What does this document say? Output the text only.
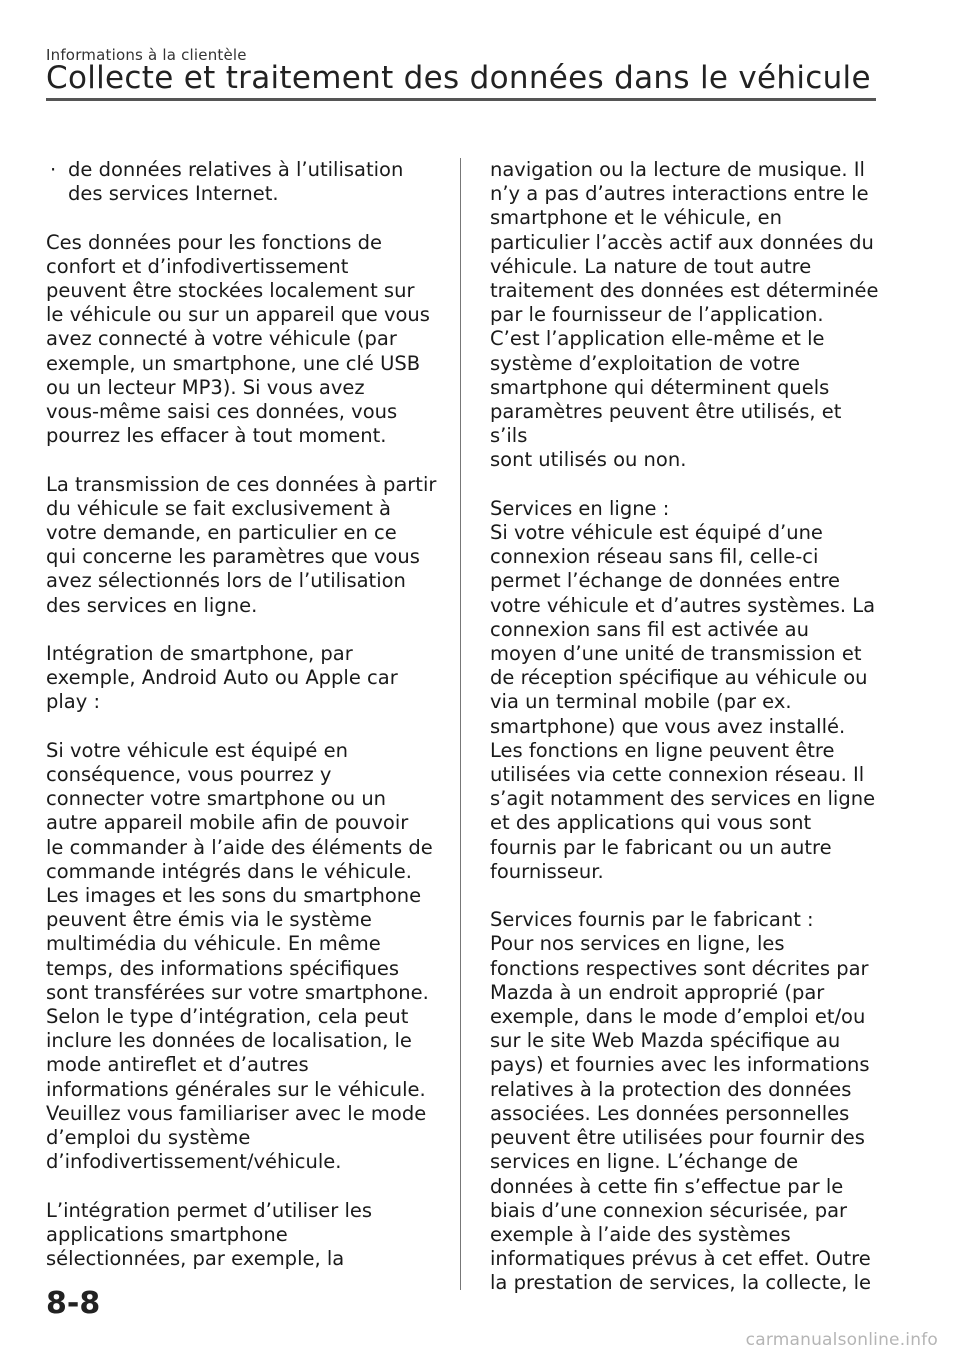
Informations à la clientèle
Collecte et traitement des données dans le véhicule
· de données relatives à l’utilisation
des services Internet.

Ces données pour les fonctions de
confort et d’infodivertissement
peuvent être stockées localement sur
le véhicule ou sur un appareil que vous
avez connecté à votre véhicule (par
exemple, un smartphone, une clé USB
ou un lecteur MP3). Si vous avez
vous-même saisi ces données, vous
pourrez les effacer à tout moment.

La transmission de ces données à partir
du véhicule se fait exclusivement à
votre demande, en particulier en ce
qui concerne les paramètres que vous
avez sélectionnés lors de l’utilisation
des services en ligne.

Intégration de smartphone, par
exemple, Android Auto ou Apple car
play :

Si votre véhicule est équipé en
conséquence, vous pourrez y
connecter votre smartphone ou un
autre appareil mobile afin de pouvoir
le commander à l’aide des éléments de
commande intégrés dans le véhicule.
Les images et les sons du smartphone
peuvent être émis via le système
multimédia du véhicule. En même
temps, des informations spécifiques
sont transférées sur votre smartphone.
Selon le type d’intégration, cela peut
inclure les données de localisation, le
mode antireflet et d’autres
informations générales sur le véhicule.
Veuillez vous familiariser avec le mode
d’emploi du système
d’infodivertissement/véhicule.

L’intégration permet d’utiliser les
applications smartphone
sélectionnées, par exemple, la

navigation ou la lecture de musique. Il
n’y a pas d’autres interactions entre le
smartphone et le véhicule, en
particulier l’accès actif aux données du
véhicule. La nature de tout autre
traitement des données est déterminée
par le fournisseur de l’application.
C’est l’application elle-même et le
système d’exploitation de votre
smartphone qui déterminent quels
paramètres peuvent être utilisés, et s’ils
sont utilisés ou non.

Services en ligne :
Si votre véhicule est équipé d’une
connexion réseau sans fil, celle-ci
permet l’échange de données entre
votre véhicule et d’autres systèmes. La
connexion sans fil est activée au
moyen d’une unité de transmission et
de réception spécifique au véhicule ou
via un terminal mobile (par ex.
smartphone) que vous avez installé.
Les fonctions en ligne peuvent être
utilisées via cette connexion réseau. Il
s’agit notamment des services en ligne
et des applications qui vous sont
fournis par le fabricant ou un autre
fournisseur.

Services fournis par le fabricant :
Pour nos services en ligne, les
fonctions respectives sont décrites par
Mazda à un endroit approprié (par
exemple, dans le mode d’emploi et/ou
sur le site Web Mazda spécifique au
pays) et fournies avec les informations
relatives à la protection des données
associées. Les données personnelles
peuvent être utilisées pour fournir des
services en ligne. L’échange de
données à cette fin s’effectue par le
biais d’une connexion sécurisée, par
exemple à l’aide des systèmes
informatiques prévus à cet effet. Outre
la prestation de services, la collecte, le

8-8
carmanualsonline.info
